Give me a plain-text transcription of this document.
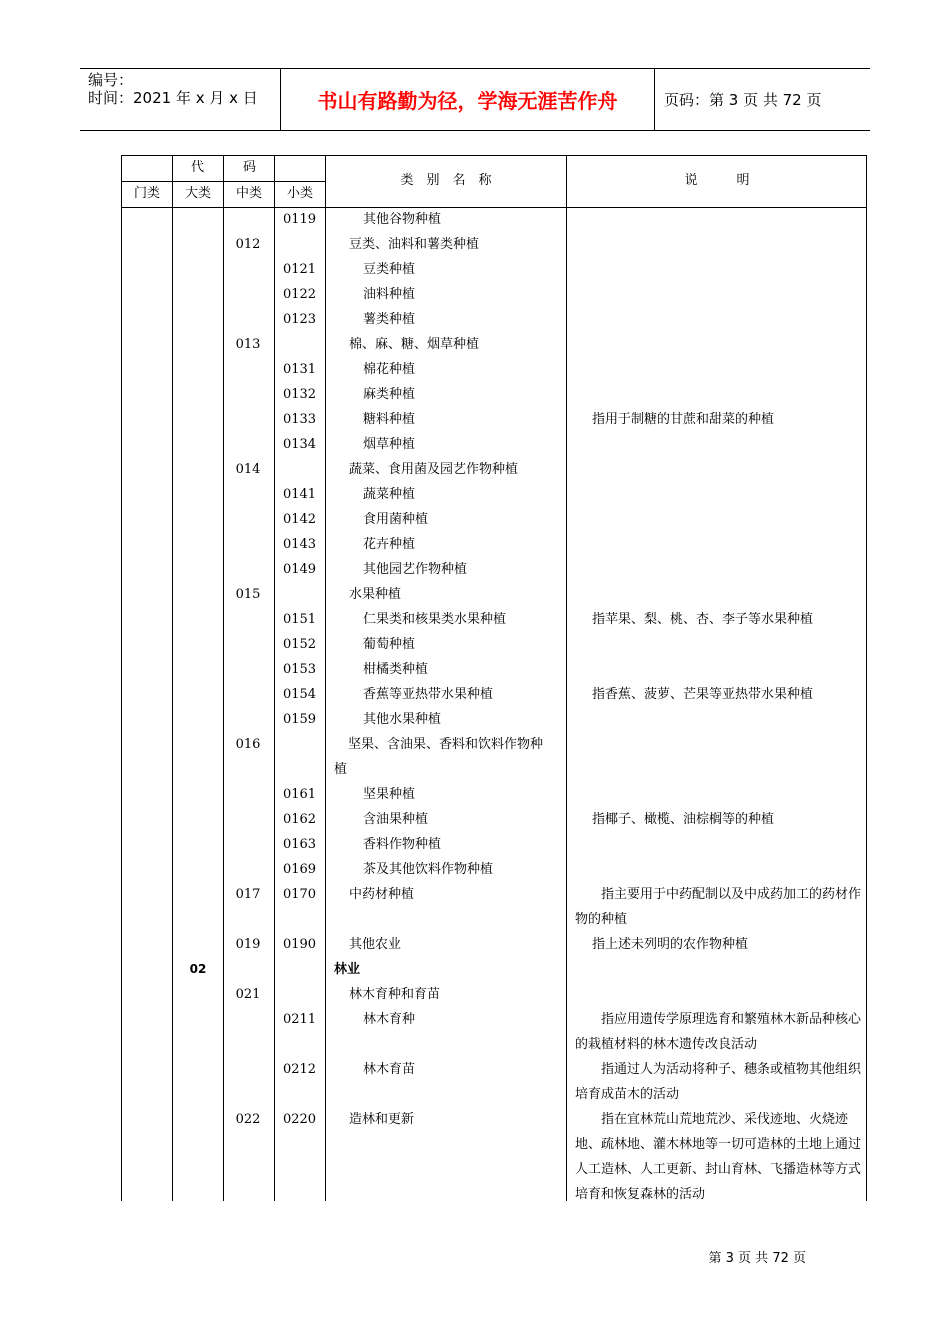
编号：
时间：2021 年 x 月 x 日	书山有路勤为径，学海无涯苦作舟	页码：第 3 页 共 72 页
代　　　码
门类	大类	中类	小类
类　别　名　称	说　　　明
0119	其他谷物种植
012	豆类、油料和薯类种植
0121	豆类种植
0122	油料种植
0123	薯类种植
013	棉、麻、糖、烟草种植
0131	棉花种植
0132	麻类种植
0133	糖料种植	指用于制糖的甘蔗和甜菜的种植
0134	烟草种植
014	蔬菜、食用菌及园艺作物种植
0141	蔬菜种植
0142	食用菌种植
0143	花卉种植
0149	其他园艺作物种植
015	水果种植
0151	仁果类和核果类水果种植	指苹果、梨、桃、杏、李子等水果种植
0152	葡萄种植
0153	柑橘类种植
0154	香蕉等亚热带水果种植	指香蕉、菠萝、芒果等亚热带水果种植
0159	其他水果种植
016	坚果、含油果、香料和饮料作物种植
0161	坚果种植
0162	含油果种植	指椰子、橄榄、油棕榈等的种植
0163	香料作物种植
0169	茶及其他饮料作物种植
017	0170	中药材种植	指主要用于中药配制以及中成药加工的药材作物的种植
019	0190	其他农业	指上述未列明的农作物种植
02	林业
021	林木育种和育苗
0211	林木育种	指应用遗传学原理选育和繁殖林木新品种核心的栽植材料的林木遗传改良活动
0212	林木育苗	指通过人为活动将种子、穗条或植物其他组织培育成苗木的活动
022	0220	造林和更新	指在宜林荒山荒地荒沙、采伐迹地、火烧迹地、疏林地、灌木林地等一切可造林的土地上通过人工造林、人工更新、封山育林、飞播造林等方式培育和恢复森林的活动
第 3 页 共 72 页
